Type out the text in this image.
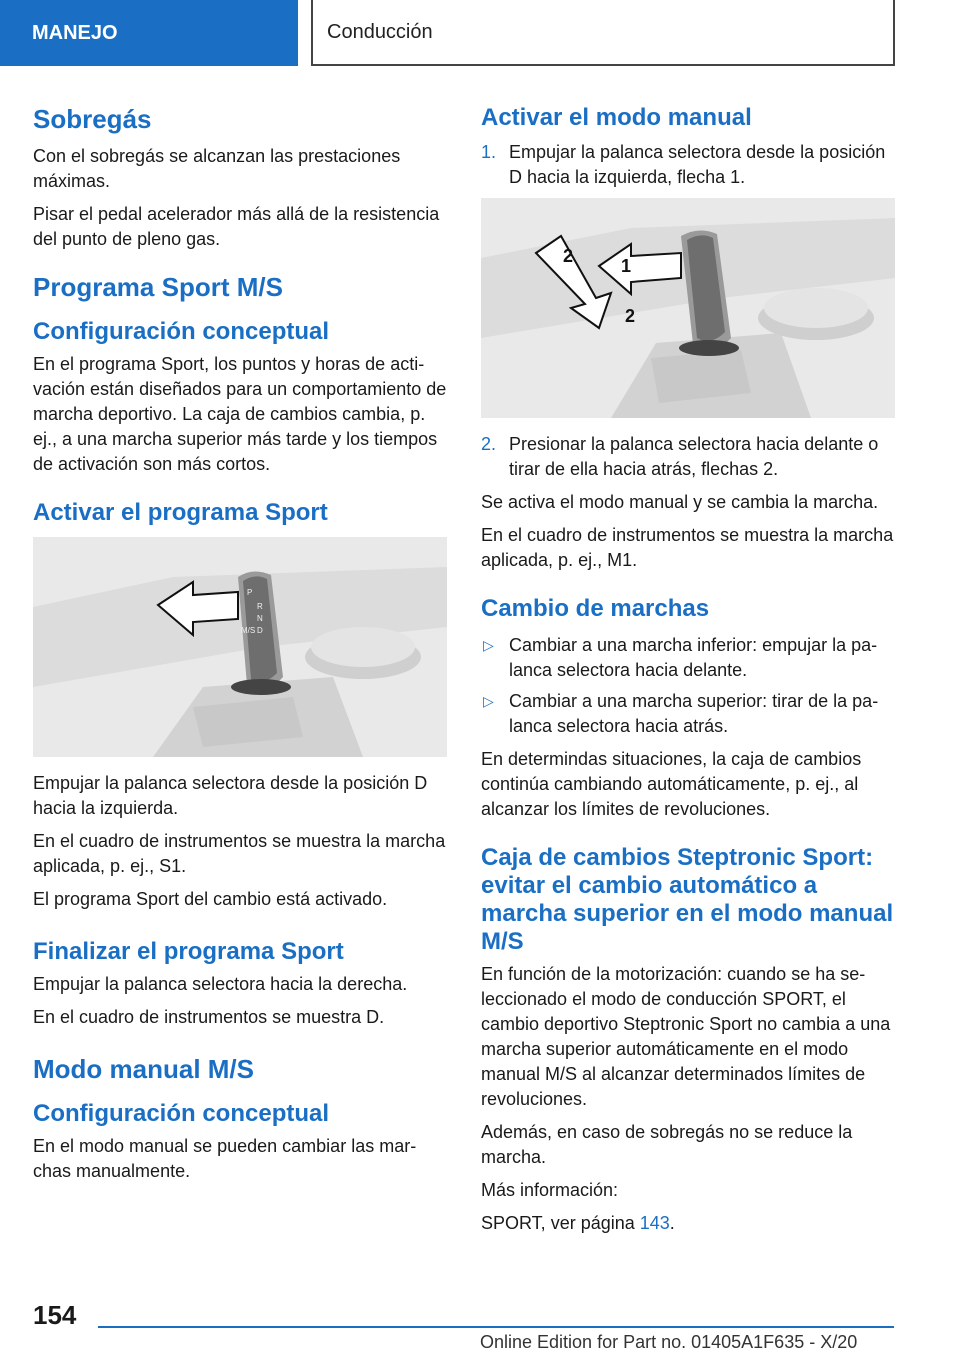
MANEJO	Conducción
Sobregás

Con el sobregás se alcanzan las prestaciones máximas.

Pisar el pedal acelerador más allá de la resistencia del punto de pleno gas.

Programa Sport M/S
Configuración conceptual

En el programa Sport, los puntos y horas de activación están diseñados para un comportamiento de marcha deportivo. La caja de cambios cambia, p. ej., a una marcha superior más tarde y los tiempos de activación son más cortos.

Activar el programa Sport
P
R
N
D
M/S

Empujar la palanca selectora desde la posición D hacia la izquierda.

En el cuadro de instrumentos se muestra la marcha aplicada, p. ej., S1.

El programa Sport del cambio está activado.

Finalizar el programa Sport

Empujar la palanca selectora hacia la derecha.

En el cuadro de instrumentos se muestra D.

Modo manual M/S
Configuración conceptual

En el modo manual se pueden cambiar las marchas manualmente.

Activar el modo manual
1. Empujar la palanca selectora desde la posición D hacia la izquierda, flecha 1.
1
2
2
2. Presionar la palanca selectora hacia delante o tirar de ella hacia atrás, flechas 2.

Se activa el modo manual y se cambia la marcha.

En el cuadro de instrumentos se muestra la marcha aplicada, p. ej., M1.

Cambio de marchas
▷ Cambiar a una marcha inferior: empujar la palanca selectora hacia delante.
▷ Cambiar a una marcha superior: tirar de la palanca selectora hacia atrás.

En determindas situaciones, la caja de cambios continúa cambiando automáticamente, p. ej., al alcanzar los límites de revoluciones.

Caja de cambios Steptronic Sport: evitar el cambio automático a marcha superior en el modo manual M/S

En función de la motorización: cuando se ha seleccionado el modo de conducción SPORT, el cambio deportivo Steptronic Sport no cambia a una marcha superior automáticamente en el modo manual M/S al alcanzar determinados límites de revoluciones.

Además, en caso de sobregás no se reduce la marcha.

Más información:

SPORT, ver página 143.

154
Online Edition for Part no. 01405A1F635 - X/20
